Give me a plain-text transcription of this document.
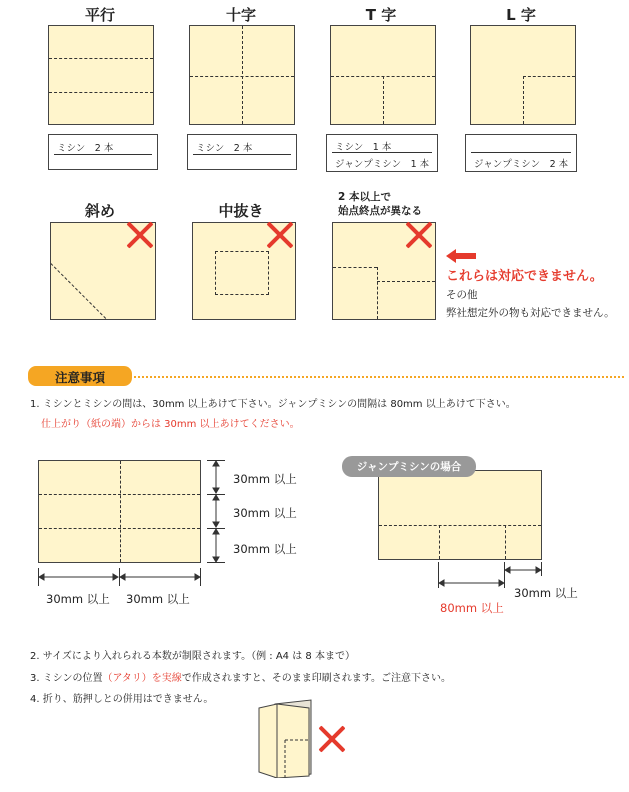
平行
ミシン　2 本
十字
ミシン　2 本
T 字
ミシン　1 本
ジャンプミシン　1 本
L 字
ジャンプミシン　2 本
斜め	中抜き
2 本以上で
始点終点が異なる
これらは対応できません。
その他
弊社想定外の物も対応できません。
注意事項
1. ミシンとミシンの間は、30mm 以上あけて下さい。ジャンプミシンの間隔は 80mm 以上あけて下さい。
仕上がり（紙の端）からは 30mm 以上あけてください。
30mm 以上
30mm 以上
30mm 以上
30mm 以上 30mm 以上
ジャンプミシンの場合
30mm 以上
80mm 以上
2. サイズにより入れられる本数が制限されます。（例 : A4 は 8 本まで）
3. ミシンの位置（アタリ）を実線で作成されますと、そのまま印刷されます。ご注意下さい。
4. 折り、筋押しとの併用はできません。
